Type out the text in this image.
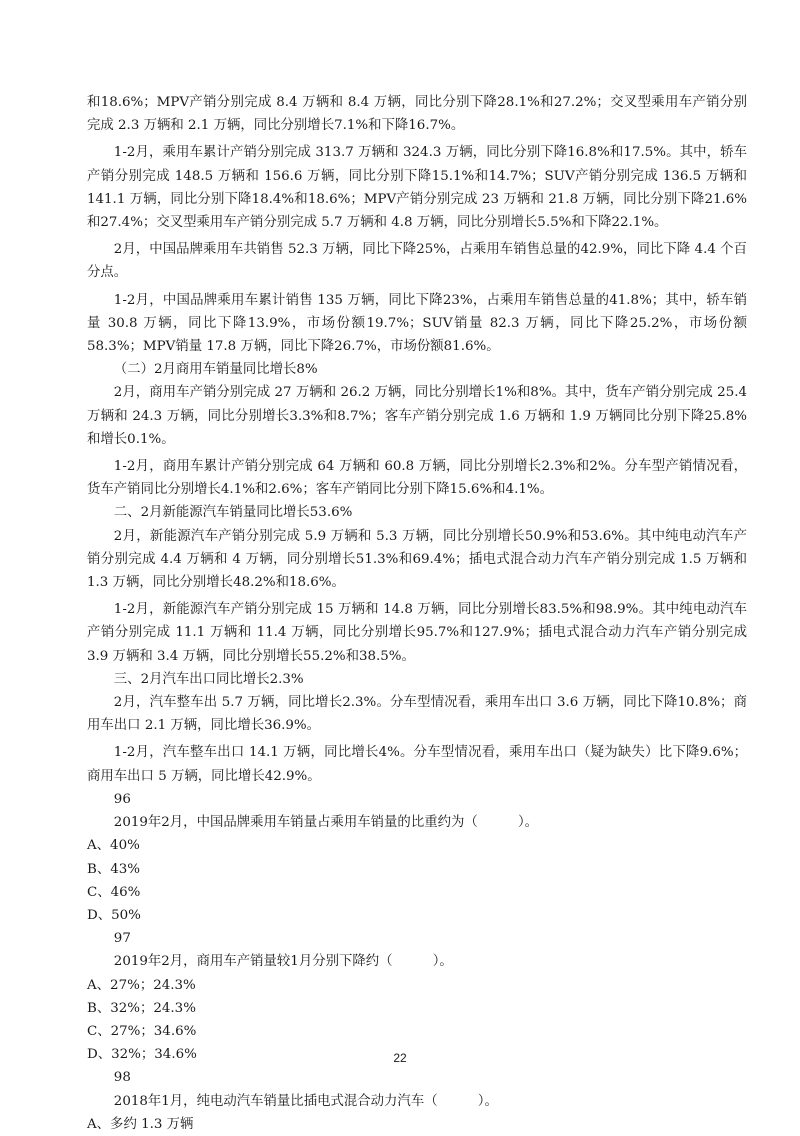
和18.6%；MPV产销分别完成 8.4 万辆和 8.4 万辆，同比分别下降28.1%和27.2%；交叉型乘用车产销分别完成 2.3 万辆和 2.1 万辆，同比分别增长7.1%和下降16.7%。

1-2月，乘用车累计产销分别完成 313.7 万辆和 324.3 万辆，同比分别下降16.8%和17.5%。其中，轿车产销分别完成 148.5 万辆和 156.6 万辆，同比分别下降15.1%和14.7%；SUV产销分别完成 136.5 万辆和 141.1 万辆，同比分别下降18.4%和18.6%；MPV产销分别完成 23 万辆和 21.8 万辆，同比分别下降21.6%和27.4%；交叉型乘用车产销分别完成 5.7 万辆和 4.8 万辆，同比分别增长5.5%和下降22.1%。

2月，中国品牌乘用车共销售 52.3 万辆，同比下降25%，占乘用车销售总量的42.9%，同比下降 4.4 个百分点。

1-2月，中国品牌乘用车累计销售 135 万辆，同比下降23%，占乘用车销售总量的41.8%；其中，轿车销量 30.8 万辆，同比下降13.9%，市场份额19.7%；SUV销量 82.3 万辆，同比下降25.2%，市场份额58.3%；MPV销量 17.8 万辆，同比下降26.7%，市场份额81.6%。

（二）2月商用车销量同比增长8%

2月，商用车产销分别完成 27 万辆和 26.2 万辆，同比分别增长1%和8%。其中，货车产销分别完成 25.4 万辆和 24.3 万辆，同比分别增长3.3%和8.7%；客车产销分别完成 1.6 万辆和 1.9 万辆同比分别下降25.8%和增长0.1%。

1-2月，商用车累计产销分别完成 64 万辆和 60.8 万辆，同比分别增长2.3%和2%。分车型产销情况看，货车产销同比分别增长4.1%和2.6%；客车产销同比分别下降15.6%和4.1%。

二、2月新能源汽车销量同比增长53.6%

2月，新能源汽车产销分别完成 5.9 万辆和 5.3 万辆，同比分别增长50.9%和53.6%。其中纯电动汽车产销分别完成 4.4 万辆和 4 万辆，同分别增长51.3%和69.4%；插电式混合动力汽车产销分别完成 1.5 万辆和 1.3 万辆，同比分别增长48.2%和18.6%。

1-2月，新能源汽车产销分别完成 15 万辆和 14.8 万辆，同比分别增长83.5%和98.9%。其中纯电动汽车产销分别完成 11.1 万辆和 11.4 万辆，同比分别增长95.7%和127.9%；插电式混合动力汽车产销分别完成 3.9 万辆和 3.4 万辆，同比分别增长55.2%和38.5%。

三、2月汽车出口同比增长2.3%

2月，汽车整车出 5.7 万辆，同比增长2.3%。分车型情况看，乘用车出口 3.6 万辆，同比下降10.8%；商用车出口 2.1 万辆，同比增长36.9%。

1-2月，汽车整车出口 14.1 万辆，同比增长4%。分车型情况看，乘用车出口（疑为缺失）比下降9.6%；商用车出口 5 万辆，同比增长42.9%。

96

2019年2月，中国品牌乘用车销量占乘用车销量的比重约为（　　　）。

A、40%

B、43%

C、46%

D、50%

97

2019年2月，商用车产销量较1月分别下降约（　　　）。

A、27%；24.3%

B、32%；24.3%

C、27%；34.6%

D、32%；34.6%

98

2018年1月，纯电动汽车销量比插电式混合动力汽车（　　　）。

A、多约 1.3 万辆

22
